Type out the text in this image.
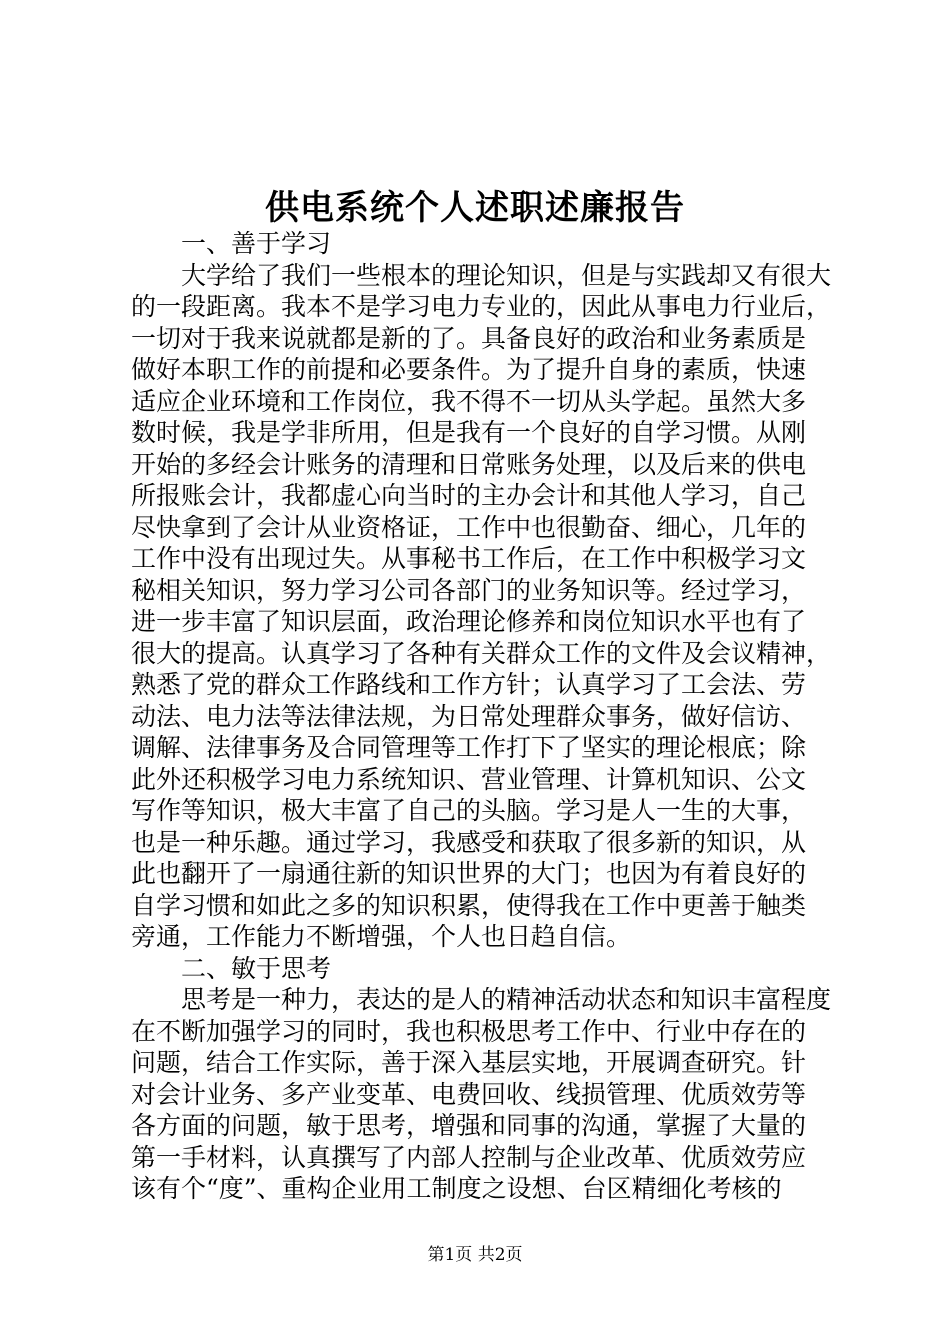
供电系统个人述职述廉报告
一、善于学习
大学给了我们一些根本的理论知识，但是与实践却又有很大
的一段距离。我本不是学习电力专业的，因此从事电力行业后，
一切对于我来说就都是新的了。具备良好的政治和业务素质是
做好本职工作的前提和必要条件。为了提升自身的素质，快速
适应企业环境和工作岗位，我不得不一切从头学起。虽然大多
数时候，我是学非所用，但是我有一个良好的自学习惯。从刚
开始的多经会计账务的清理和日常账务处理，以及后来的供电
所报账会计，我都虚心向当时的主办会计和其他人学习，自己
尽快拿到了会计从业资格证，工作中也很勤奋、细心，几年的
工作中没有出现过失。从事秘书工作后，在工作中积极学习文
秘相关知识，努力学习公司各部门的业务知识等。经过学习，
进一步丰富了知识层面，政治理论修养和岗位知识水平也有了
很大的提高。认真学习了各种有关群众工作的文件及会议精神，
熟悉了党的群众工作路线和工作方针；认真学习了工会法、劳
动法、电力法等法律法规，为日常处理群众事务，做好信访、
调解、法律事务及合同管理等工作打下了坚实的理论根底；除
此外还积极学习电力系统知识、营业管理、计算机知识、公文
写作等知识，极大丰富了自己的头脑。学习是人一生的大事，
也是一种乐趣。通过学习，我感受和获取了很多新的知识，从
此也翻开了一扇通往新的知识世界的大门；也因为有着良好的
自学习惯和如此之多的知识积累，使得我在工作中更善于触类
旁通，工作能力不断增强，个人也日趋自信。
二、敏于思考
思考是一种力，表达的是人的精神活动状态和知识丰富程度
在不断加强学习的同时，我也积极思考工作中、行业中存在的
问题，结合工作实际，善于深入基层实地，开展调查研究。针
对会计业务、多产业变革、电费回收、线损管理、优质效劳等
各方面的问题，敏于思考，增强和同事的沟通，掌握了大量的
第一手材料，认真撰写了内部人控制与企业改革、优质效劳应
该有个“度”、重构企业用工制度之设想、台区精细化考核的
第1页 共2页
